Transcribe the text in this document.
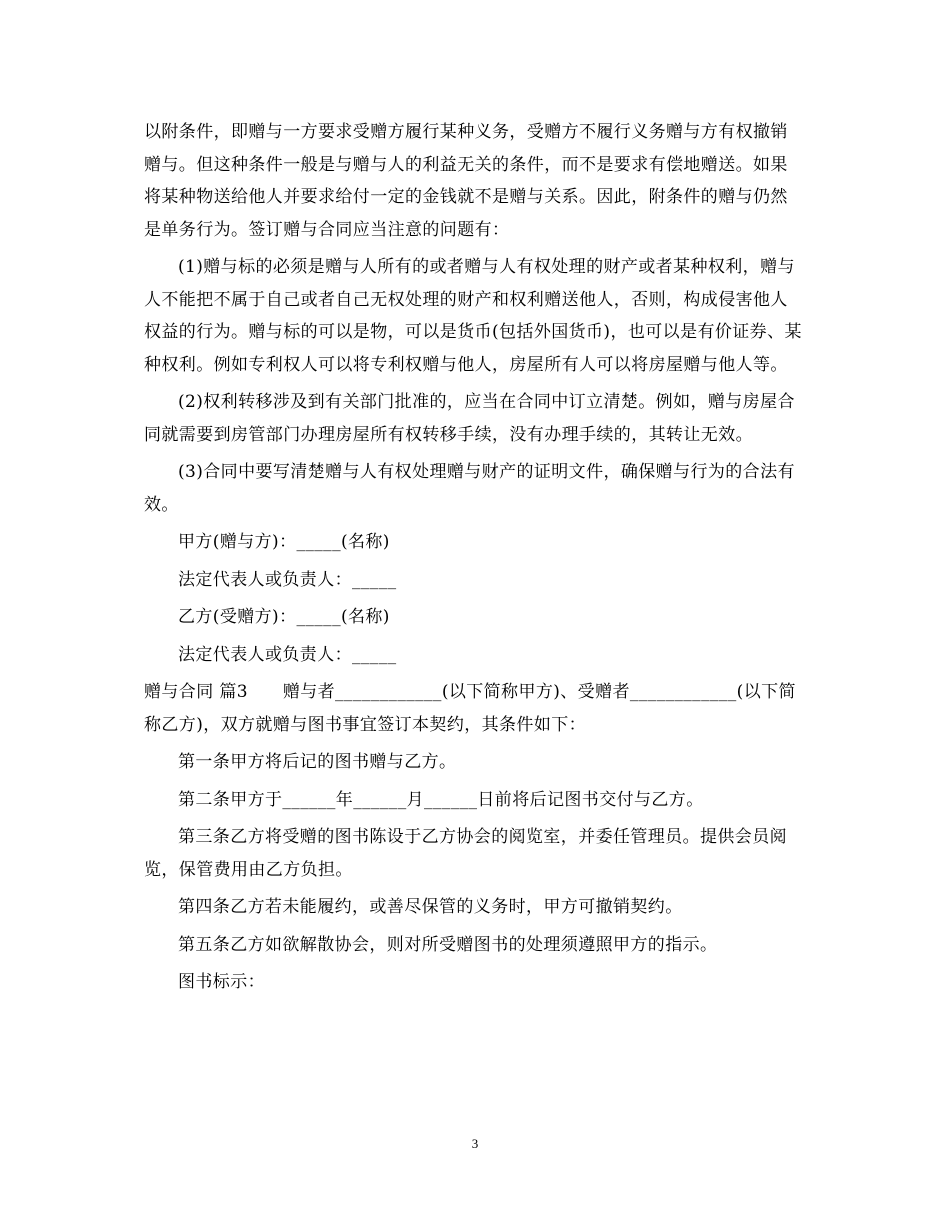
以附条件，即赠与一方要求受赠方履行某种义务，受赠方不履行义务赠与方有权撤销赠与。但这种条件一般是与赠与人的利益无关的条件，而不是要求有偿地赠送。如果将某种物送给他人并要求给付一定的金钱就不是赠与关系。因此，附条件的赠与仍然是单务行为。签订赠与合同应当注意的问题有：

(1)赠与标的必须是赠与人所有的或者赠与人有权处理的财产或者某种权利，赠与人不能把不属于自己或者自己无权处理的财产和权利赠送他人，否则，构成侵害他人权益的行为。赠与标的可以是物，可以是货币(包括外国货币)，也可以是有价证券、某种权利。例如专利权人可以将专利权赠与他人，房屋所有人可以将房屋赠与他人等。

(2)权利转移涉及到有关部门批准的，应当在合同中订立清楚。例如，赠与房屋合同就需要到房管部门办理房屋所有权转移手续，没有办理手续的，其转让无效。

(3)合同中要写清楚赠与人有权处理赠与财产的证明文件，确保赠与行为的合法有效。

甲方(赠与方)：_____(名称)

法定代表人或负责人：_____

乙方(受赠方)：_____(名称)

法定代表人或负责人：_____

赠与合同 篇3　　赠与者____________(以下简称甲方)、受赠者____________(以下简称乙方)，双方就赠与图书事宜签订本契约，其条件如下：

第一条甲方将后记的图书赠与乙方。

第二条甲方于______年______月______日前将后记图书交付与乙方。

第三条乙方将受赠的图书陈设于乙方协会的阅览室，并委任管理员。提供会员阅览，保管费用由乙方负担。

第四条乙方若未能履约，或善尽保管的义务时，甲方可撤销契约。

第五条乙方如欲解散协会，则对所受赠图书的处理须遵照甲方的指示。

图书标示：

3
